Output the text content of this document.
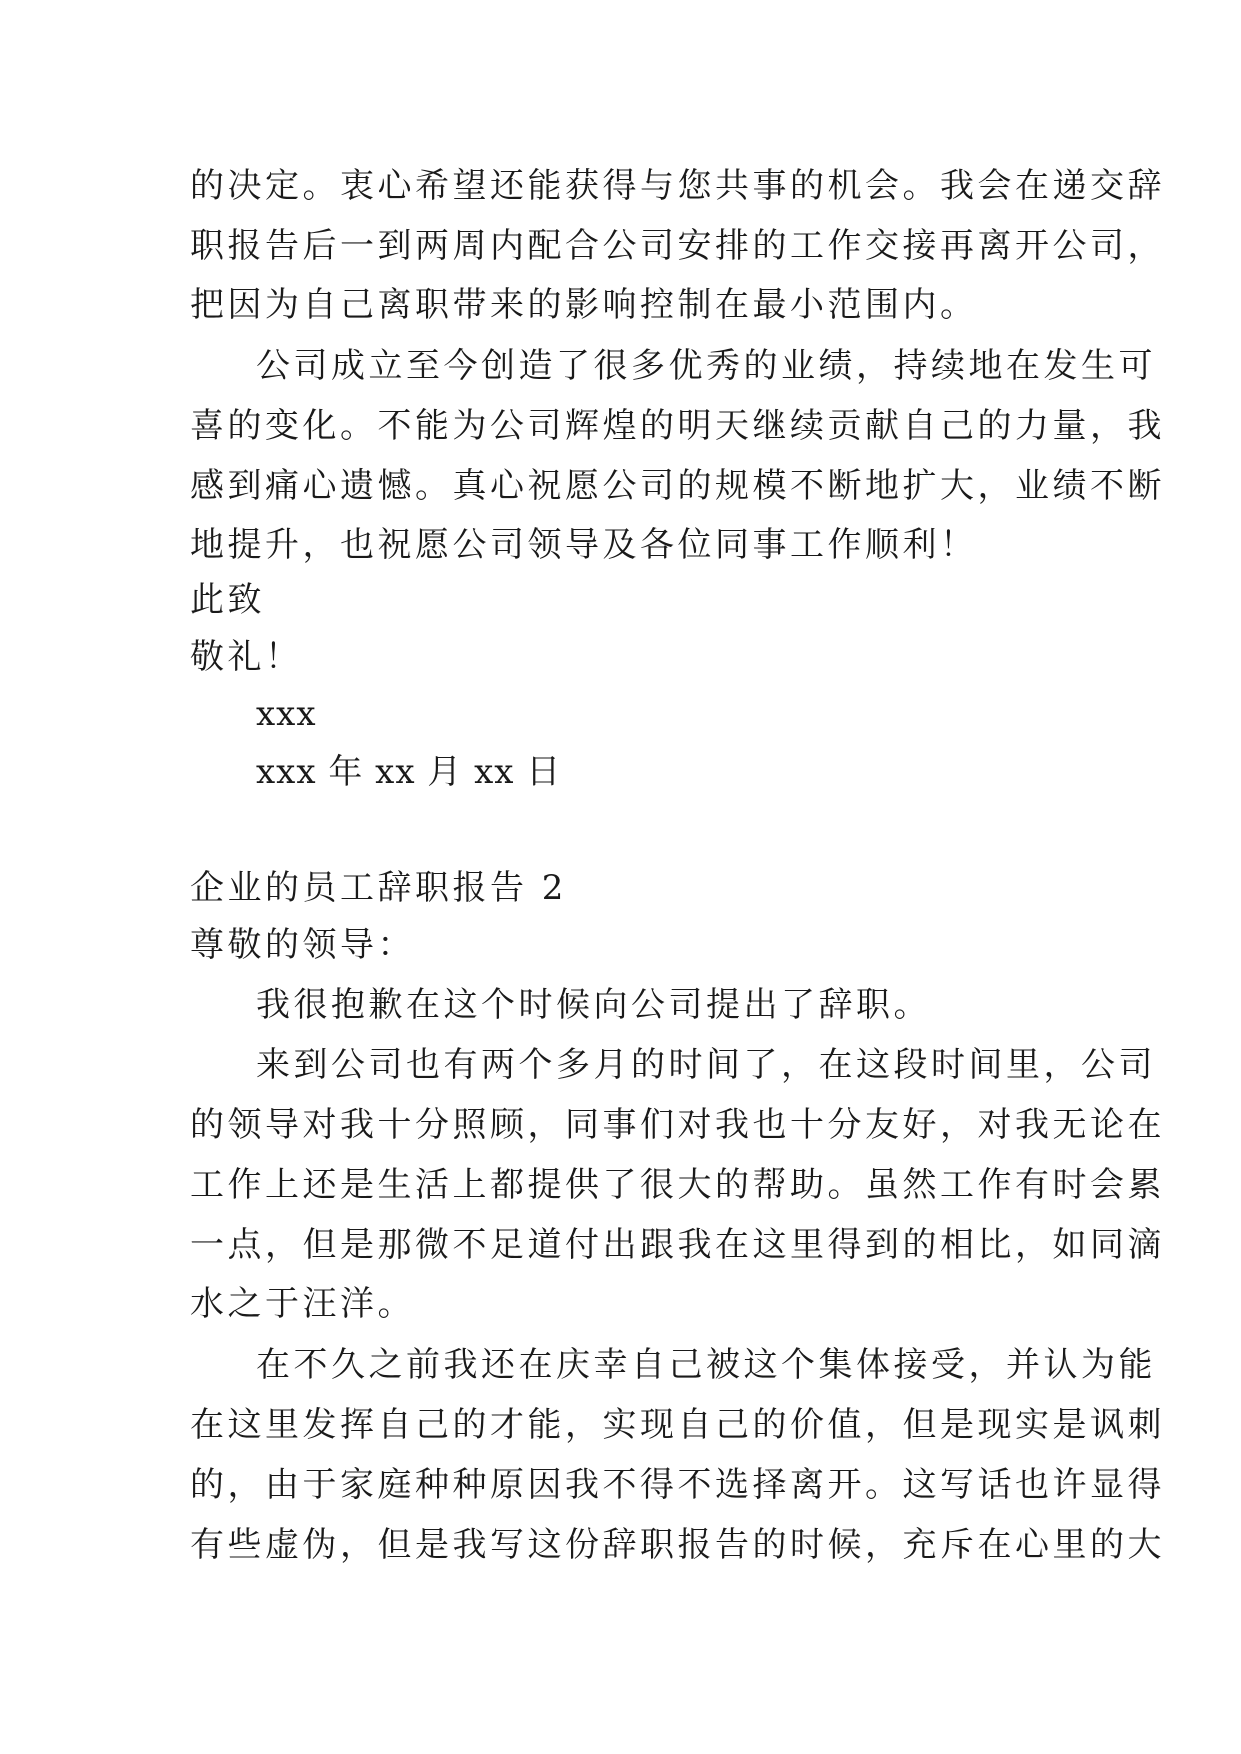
的决定。衷心希望还能获得与您共事的机会。我会在递交辞

职报告后一到两周内配合公司安排的工作交接再离开公司，

把因为自己离职带来的影响控制在最小范围内。

公司成立至今创造了很多优秀的业绩，持续地在发生可

喜的变化。不能为公司辉煌的明天继续贡献自己的力量，我

感到痛心遗憾。真心祝愿公司的规模不断地扩大，业绩不断

地提升，也祝愿公司领导及各位同事工作顺利！

此致

敬礼！

xxx

xxx 年 xx 月 xx 日

企业的员工辞职报告 2

尊敬的领导：

我很抱歉在这个时候向公司提出了辞职。

来到公司也有两个多月的时间了，在这段时间里，公司

的领导对我十分照顾，同事们对我也十分友好，对我无论在

工作上还是生活上都提供了很大的帮助。虽然工作有时会累

一点，但是那微不足道付出跟我在这里得到的相比，如同滴

水之于汪洋。

在不久之前我还在庆幸自己被这个集体接受，并认为能

在这里发挥自己的才能，实现自己的价值，但是现实是讽刺

的，由于家庭种种原因我不得不选择离开。这写话也许显得

有些虚伪，但是我写这份辞职报告的时候，充斥在心里的大
